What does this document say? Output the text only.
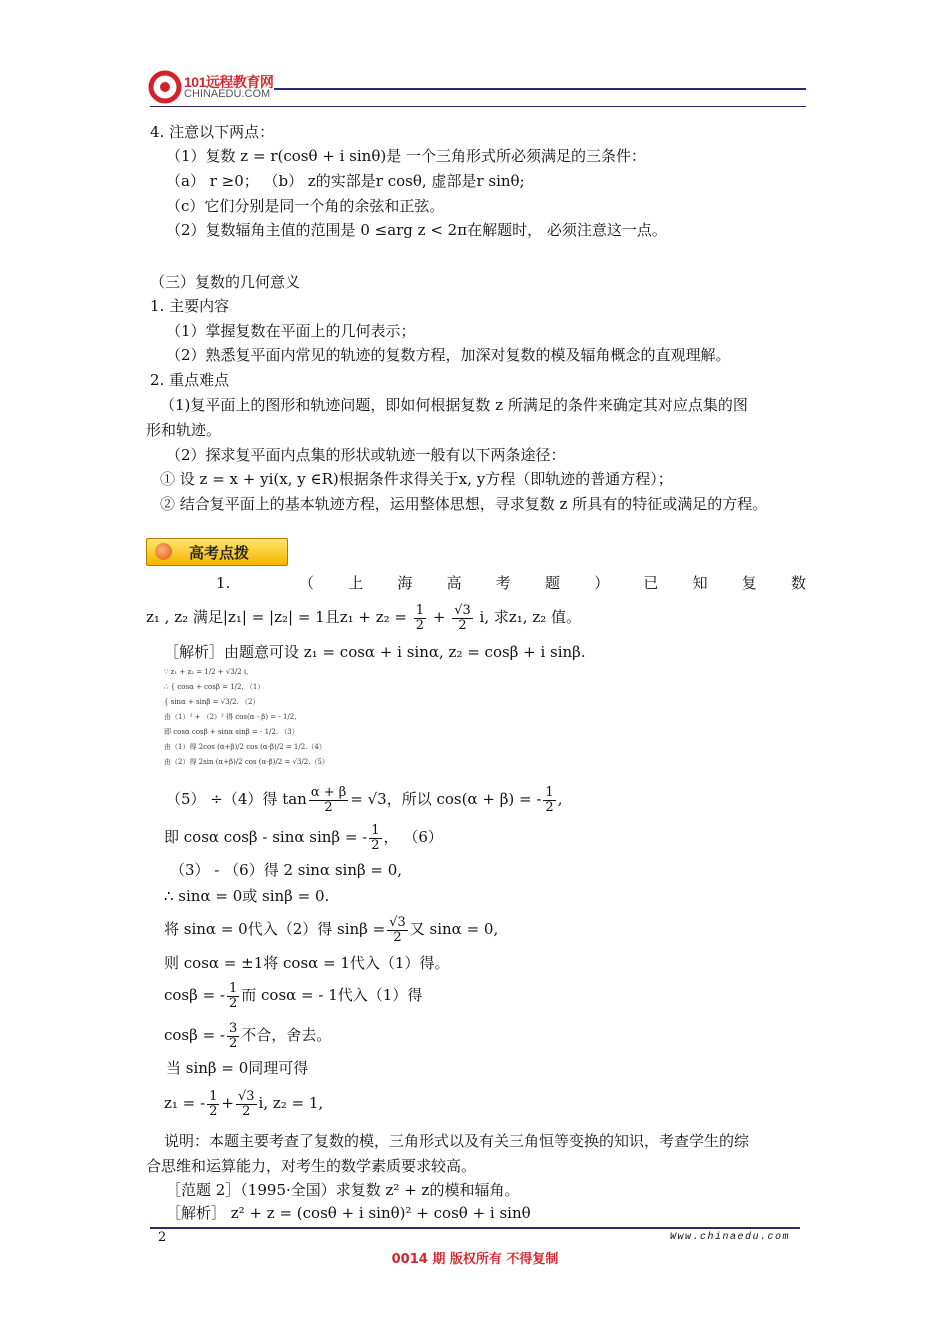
101远程教育网
CHINAEDU.COM
4. 注意以下两点：
（1）复数 z = r(cosθ + i sinθ)是 一个三角形式所必须满足的三条件：
（a） r ≥0； （b） z的实部是r cosθ, 虚部是r sinθ;
（c）它们分别是同一个角的余弦和正弦。
（2）复数辐角主值的范围是 0 ≤arg z < 2π在解题时， 必须注意这一点。
（三）复数的几何意义
1. 主要内容
（1）掌握复数在平面上的几何表示；
（2）熟悉复平面内常见的轨迹的复数方程，加深对复数的模及辐角概念的直观理解。
2. 重点难点
（1)复平面上的图形和轨迹问题，即如何根据复数 z 所满足的条件来确定其对应点集的图
形和轨迹。
（2）探求复平面内点集的形状或轨迹一般有以下两条途径：
① 设 z = x + yi(x, y ∈R)根据条件求得关于x, y方程（即轨迹的普通方程）；
② 结合复平面上的基本轨迹方程，运用整体思想，寻求复数 z 所具有的特征或满足的方程。
高考点拨
1.	（ 上 海 高 考 题 ） 已 知 复 数
z₁ , z₂ 满足|z₁| = |z₂| = 1且$z_1 + z_2 = \frac{1}{2} + \frac{√3}{2} i$, 求z₁, z₂ 值。
［解析］由题意可设 z₁ = cosα + i sinα, z₂ = cosβ + i sinβ.
∵ z₁ + z₂ = 1/2 + √3/2 i,
∴ { cosα + cosβ = 1/2, （1）
{ sinα + sinβ = √3/2. （2）
由（1）² + （2）² 得 cos(α - β) = - 1/2,
即 cosα cosβ + sinα sinβ = - 1/2. （3）
由（1）得 2cos (α+β)/2 cos (α-β)/2 = 1/2.（4）
由（2）得 2sin (α+β)/2 cos (α-β)/2 = √3/2.（5）
（5） ÷（4）得 $\tan \frac{\alpha + \beta}{2} = √3$，所以 cos(α + β) = - $\frac{1}{2}$ ,
即 cosα cosβ - sinα sinβ = - $\frac{1}{2}$ ， （6）
（3） - （6）得 2 sinα sinβ = 0,
∴ sinα = 0或 sinβ = 0.
将 sinα = 0代入（2）得 $\sin\beta = \frac{√3}{2}$ 又 sinα = 0,
则 cosα = ±1将 cosα = 1代入（1）得。
cosβ = - $\frac{1}{2}$ 而 cosα = - 1代入（1）得
cosβ = - $\frac{3}{2}$ 不合，舍去。
当 sinβ = 0同理可得
z₁ = - $\frac{1}{2} + \frac{√3}{2} i$, z₂ = 1,
说明：本题主要考查了复数的模，三角形式以及有关三角恒等变换的知识，考查学生的综
合思维和运算能力，对考生的数学素质要求较高。
［范题 2］（1995·全国）求复数 z² + z的模和辐角。
［解析］ z² + z = (cosθ + i sinθ)² + cosθ + i sinθ
2	Www.chinaedu.com
0014 期 版权所有 不得复制
